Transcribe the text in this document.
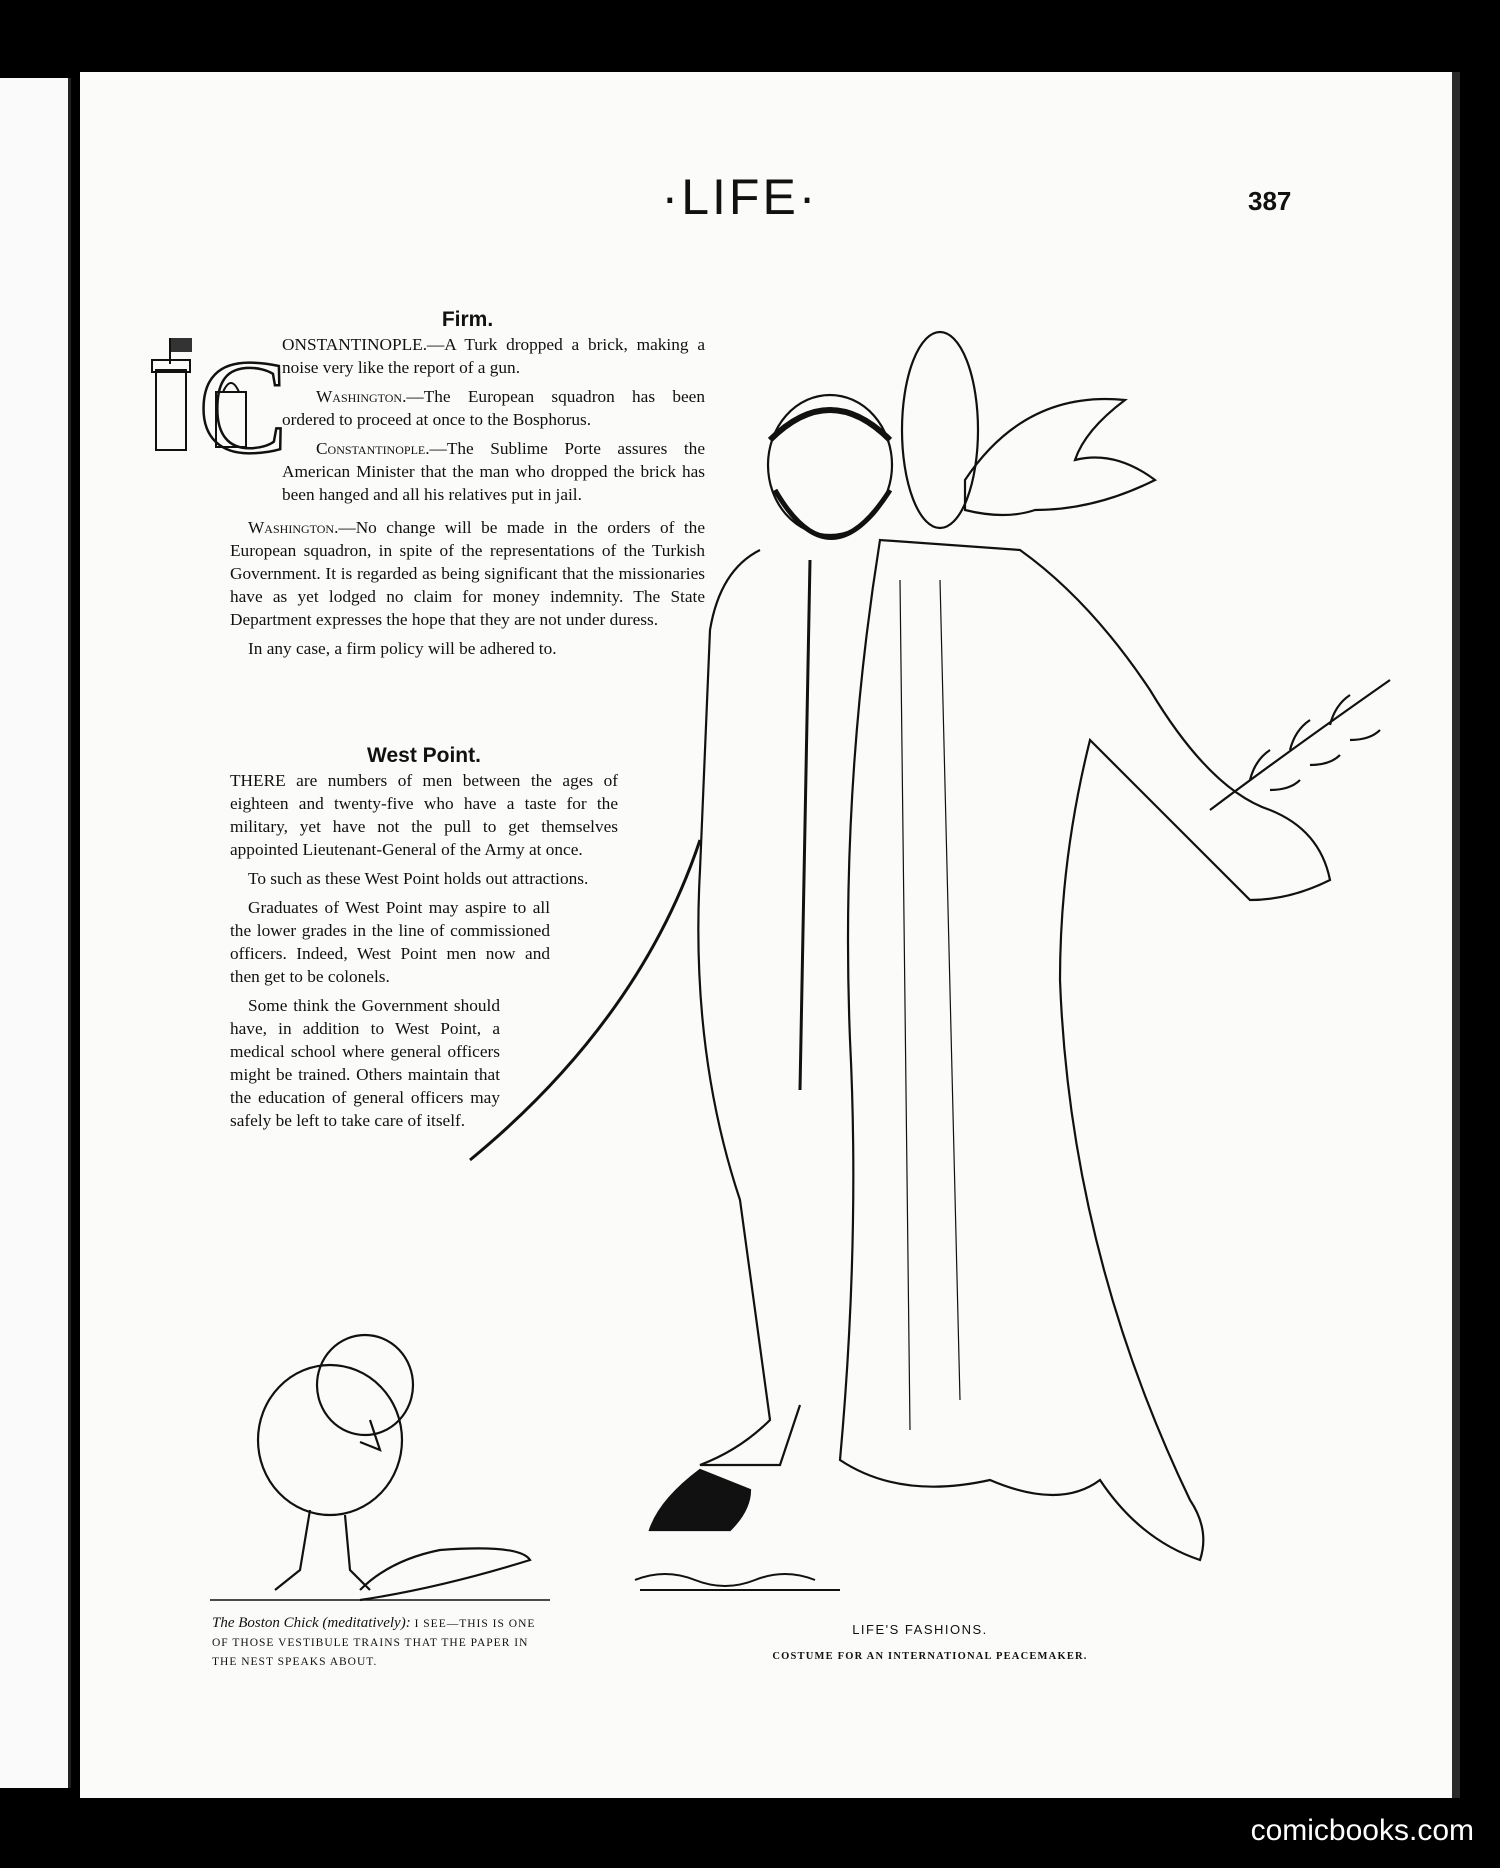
·LIFE·	387
C
Firm.

ONSTANTINOPLE.—A Turk dropped a brick, making a noise very like the report of a gun.

Washington.—The European squadron has been ordered to proceed at once to the Bosphorus.

Constantinople.—The Sublime Porte assures the American Minister that the man who dropped the brick has been hanged and all his relatives put in jail.

Washington.—No change will be made in the orders of the European squadron, in spite of the representations of the Turkish Government. It is regarded as being significant that the missionaries have as yet lodged no claim for money indemnity. The State Department expresses the hope that they are not under duress.

In any case, a firm policy will be adhered to.

West Point.

THERE are numbers of men between the ages of eighteen and twenty-five who have a taste for the military, yet have not the pull to get themselves appointed Lieutenant-General of the Army at once.

To such as these West Point holds out attractions.

Graduates of West Point may aspire to all the lower grades in the line of commissioned officers. Indeed, West Point men now and then get to be colonels.

Some think the Government should have, in addition to West Point, a medical school where general officers might be trained. Others maintain that the education of general officers may safely be left to take care of itself.

The Boston Chick (meditatively): I SEE—THIS IS ONE OF THOSE VESTIBULE TRAINS THAT THE PAPER IN THE NEST SPEAKS ABOUT.
LIFE'S FASHIONS.
COSTUME FOR AN INTERNATIONAL PEACEMAKER.
comicbooks.com
